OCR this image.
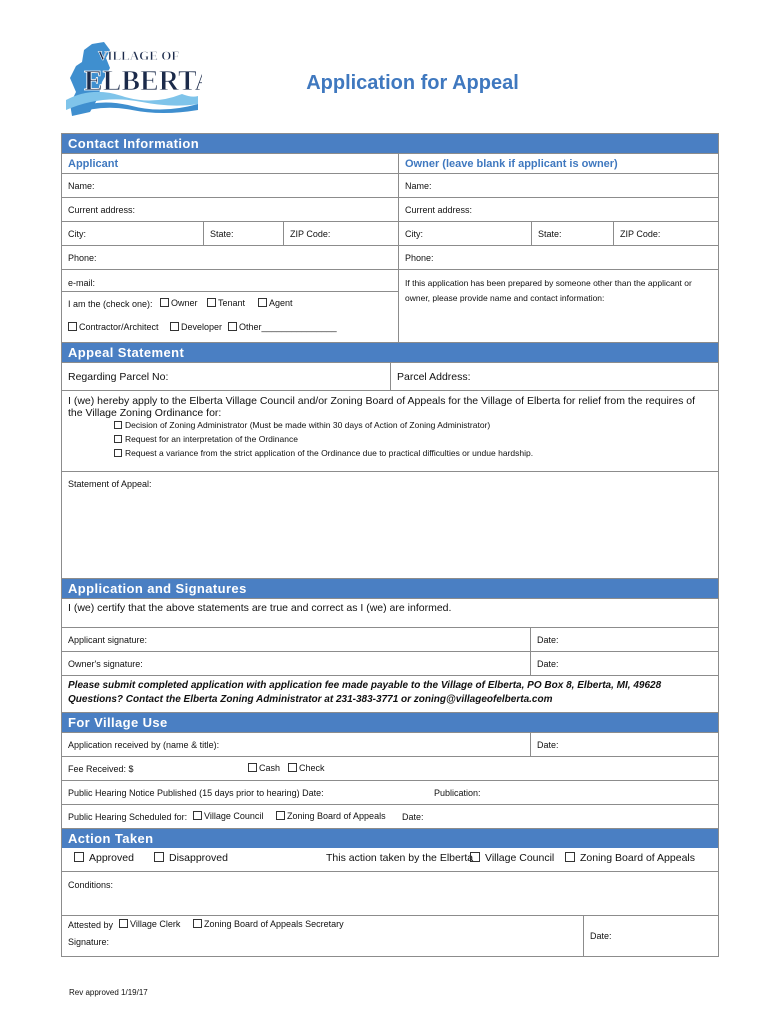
VILLAGE OF
ELBERTA	Application for Appeal
Contact Information
Applicant	Owner (leave blank if applicant is owner)
Name:	Name:
Current address:	Current address:
City:	State:	ZIP Code:	City:	State:	ZIP Code:
Phone:	Phone:
e-mail:
I am the (check one):	Owner	Tenant	Agent
Contractor/Architect	Developer	Other_______________
If this application has been prepared by someone other than the applicant or owner, please provide name and contact information:
Appeal Statement
Regarding Parcel No:	Parcel Address:
I (we) hereby apply to the Elberta Village Council and/or Zoning Board of Appeals for the Village of Elberta for relief from the requires of the Village Zoning Ordinance for:
Decision of Zoning Administrator (Must be made within 30 days of Action of Zoning Administrator)
Request for an interpretation of the Ordinance
Request a variance from the strict application of the Ordinance due to practical difficulties or undue hardship.
Statement of Appeal:
Application and Signatures
I (we) certify that the above statements are true and correct as I (we) are informed.
Applicant signature:	Date:
Owner's signature:	Date:
Please submit completed application with application fee made payable to the Village of Elberta, PO Box 8, Elberta, MI, 49628
Questions? Contact the Elberta Zoning Administrator at 231-383-3771 or zoning@villageofelberta.com
For Village Use
Application received by (name & title):	Date:
Fee Received: $	Cash	Check
Public Hearing Notice Published (15 days prior to hearing) Date:	Publication:
Public Hearing Scheduled for:	Village Council	Zoning Board of Appeals Date:
Action Taken
Approved	Disapproved	This action taken by the Elberta	Village Council	Zoning Board of Appeals
Conditions:
Attested by	Village Clerk	Zoning Board of Appeals Secretary
Signature:
Date:
Rev approved 1/19/17
